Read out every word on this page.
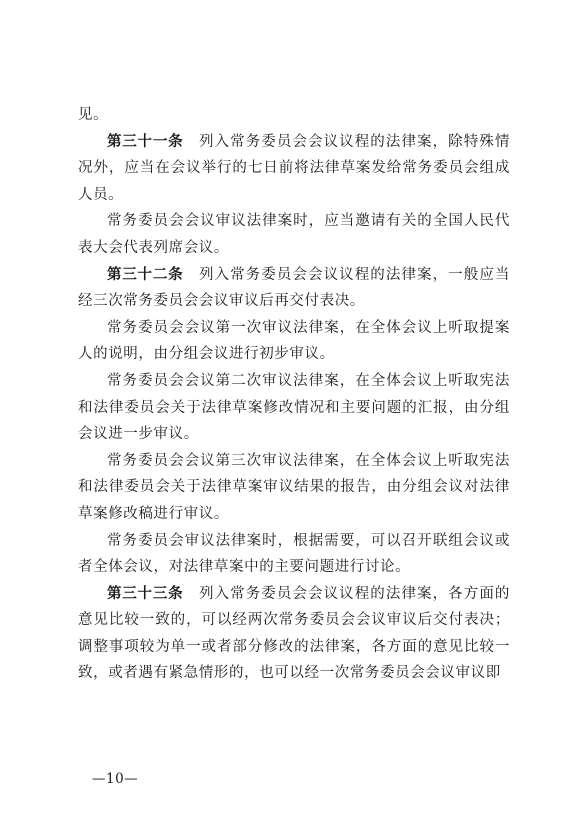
见。

第三十一条　列入常务委员会会议议程的法律案，除特殊情况外，应当在会议举行的七日前将法律草案发给常务委员会组成人员。

常务委员会会议审议法律案时，应当邀请有关的全国人民代表大会代表列席会议。

第三十二条　列入常务委员会会议议程的法律案，一般应当经三次常务委员会会议审议后再交付表决。

常务委员会会议第一次审议法律案，在全体会议上听取提案人的说明，由分组会议进行初步审议。

常务委员会会议第二次审议法律案，在全体会议上听取宪法和法律委员会关于法律草案修改情况和主要问题的汇报，由分组会议进一步审议。

常务委员会会议第三次审议法律案，在全体会议上听取宪法和法律委员会关于法律草案审议结果的报告，由分组会议对法律草案修改稿进行审议。

常务委员会审议法律案时，根据需要，可以召开联组会议或者全体会议，对法律草案中的主要问题进行讨论。

第三十三条　列入常务委员会会议议程的法律案，各方面的意见比较一致的，可以经两次常务委员会会议审议后交付表决；调整事项较为单一或者部分修改的法律案，各方面的意见比较一致，或者遇有紧急情形的，也可以经一次常务委员会会议审议即

—10—
